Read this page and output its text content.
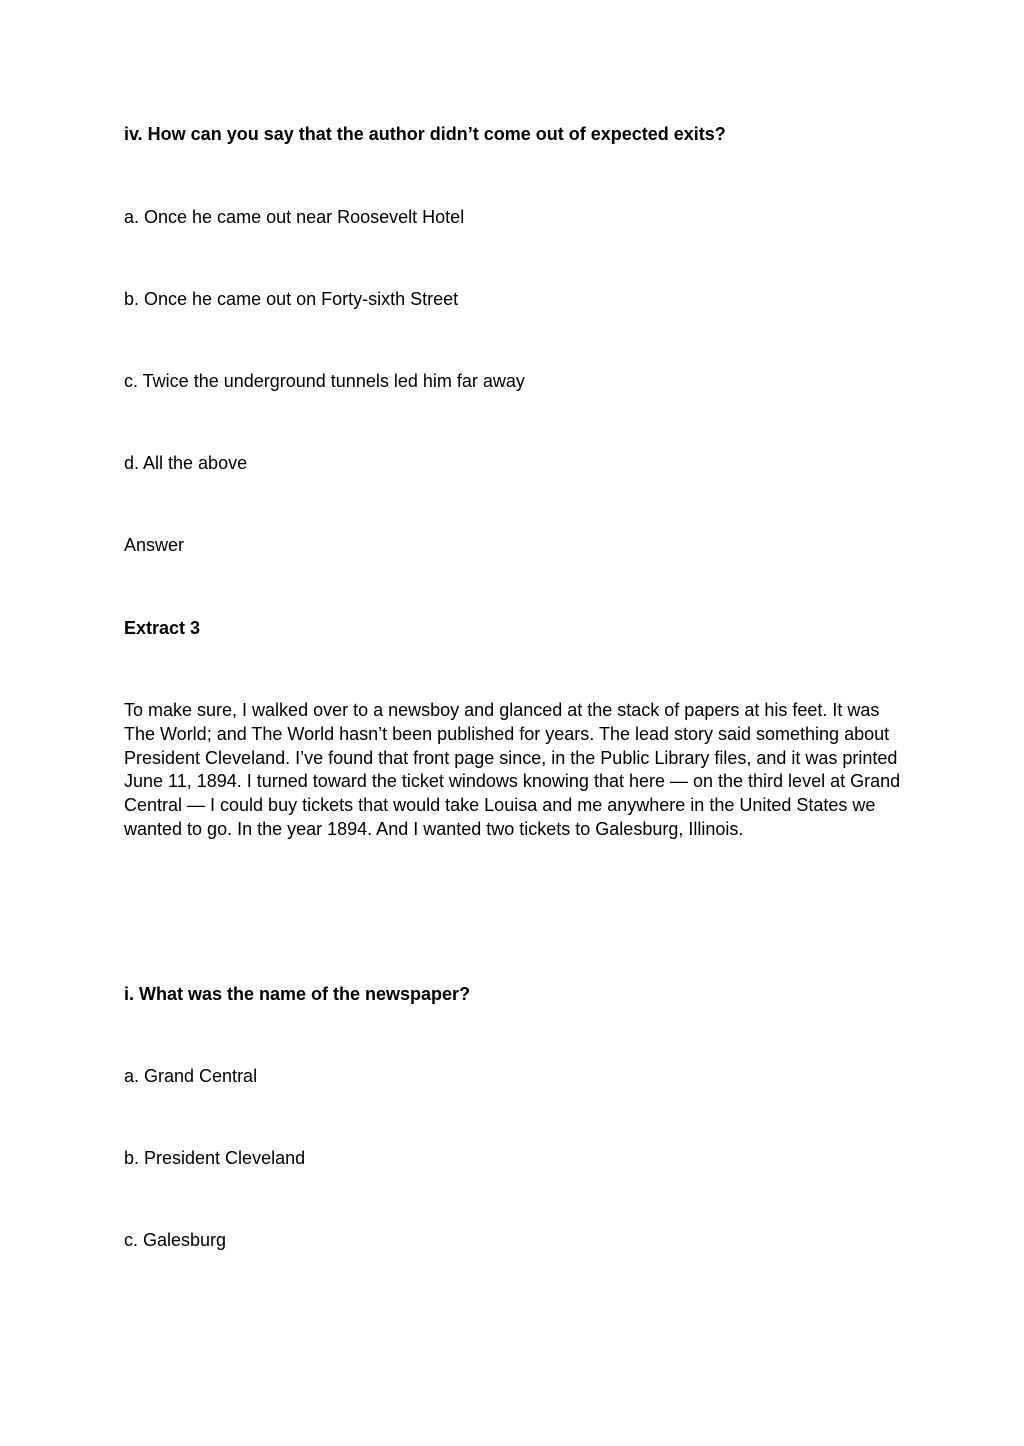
iv. How can you say that the author didn’t come out of expected exits?

a. Once he came out near Roosevelt Hotel

b. Once he came out on Forty-sixth Street

c. Twice the underground tunnels led him far away

d. All the above

Answer

Extract 3

To make sure, I walked over to a newsboy and glanced at the stack of papers at his feet. It was The World; and The World hasn’t been published for years. The lead story said something about President Cleveland. I’ve found that front page since, in the Public Library files, and it was printed June 11, 1894. I turned toward the ticket windows knowing that here — on the third level at Grand Central — I could buy tickets that would take Louisa and me anywhere in the United States we wanted to go. In the year 1894. And I wanted two tickets to Galesburg, Illinois.

i. What was the name of the newspaper?

a. Grand Central

b. President Cleveland

c. Galesburg
